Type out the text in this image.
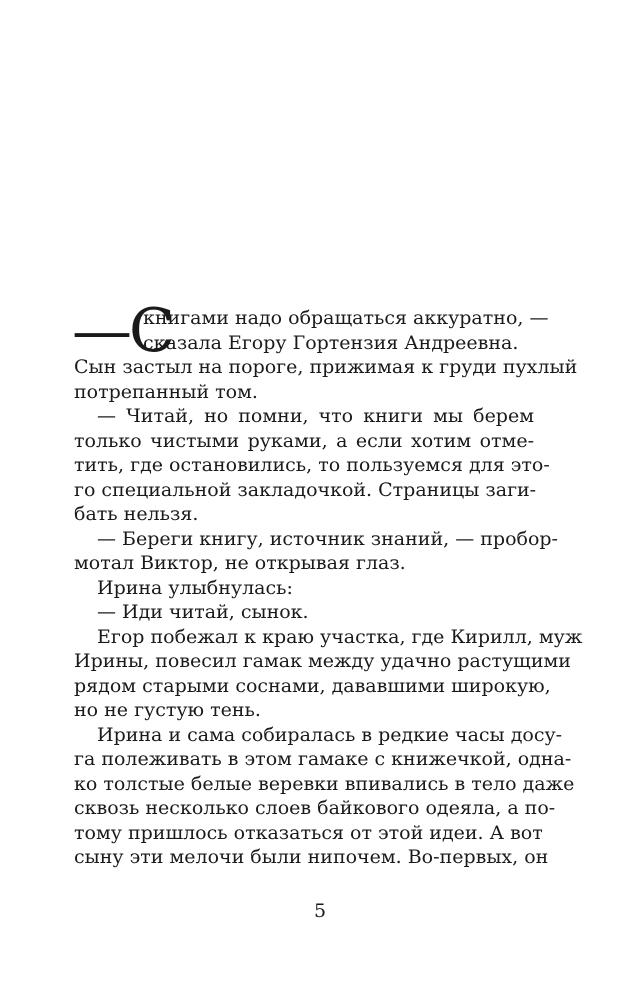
—С
книгами надо обращаться аккуратно, —
сказала Егору Гортензия Андреевна.
Сын застыл на пороге, прижимая к груди пухлый
потрепанный том.
— Читай, но помни, что книги мы берем
только чистыми руками, а если хотим отме-
тить, где остановились, то пользуемся для это-
го специальной закладочкой. Страницы заги-
бать нельзя.
— Береги книгу, источник знаний, — пробор-
мотал Виктор, не открывая глаз.
Ирина улыбнулась:
— Иди читай, сынок.
Егор побежал к краю участка, где Кирилл, муж
Ирины, повесил гамак между удачно растущими
рядом старыми соснами, дававшими широкую,
но не густую тень.
Ирина и сама собиралась в редкие часы досу-
га полеживать в этом гамаке с книжечкой, одна-
ко толстые белые веревки впивались в тело даже
сквозь несколько слоев байкового одеяла, а по-
тому пришлось отказаться от этой идеи. А вот
сыну эти мелочи были нипочем. Во-первых, он
5
